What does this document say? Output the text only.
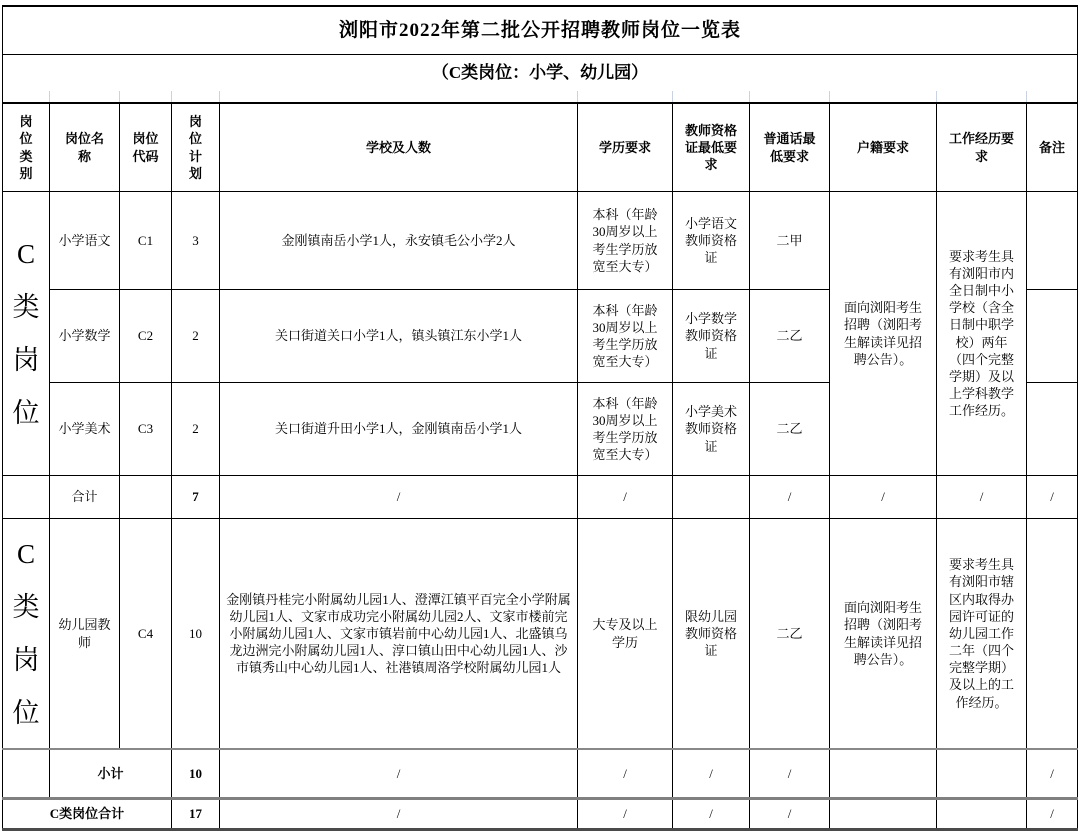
浏阳市2022年第二批公开招聘教师岗位一览表										
（C类岗位：小学、幼儿园）										

岗位类别	岗位名称	岗位代码	岗位计划	学校及人数	学历要求	教师资格证最低要求	普通话最低要求	户籍要求	工作经历要求	备注
C
类
岗
位	小学语文	C1	3	金刚镇南岳小学1人，永安镇毛公小学2人	本科（年龄30周岁以上考生学历放宽至大专）	小学语文教师资格证	二甲	面向浏阳考生招聘（浏阳考生解读详见招聘公告）。	要求考生具有浏阳市内全日制中小学校（含全日制中职学校）两年（四个完整学期）及以上学科教学工作经历。	
	小学数学	C2	2	关口街道关口小学1人，镇头镇江东小学1人	本科（年龄30周岁以上考生学历放宽至大专）	小学数学教师资格证	二乙			
	小学美术	C3	2	关口街道升田小学1人，金刚镇南岳小学1人	本科（年龄30周岁以上考生学历放宽至大专）	小学美术教师资格证	二乙			
	合计		7	/	/		/	/	/	/
C
类
岗
位	幼儿园教师	C4	10	金刚镇丹桂完小附属幼儿园1人、澄潭江镇平百完全小学附属幼儿园1人、文家市成功完小附属幼儿园2人、文家市楼前完小附属幼儿园1人、文家市镇岩前中心幼儿园1人、北盛镇乌龙边洲完小附属幼儿园1人、淳口镇山田中心幼儿园1人、沙市镇秀山中心幼儿园1人、社港镇周洛学校附属幼儿园1人	大专及以上学历	限幼儿园教师资格证	二乙	面向浏阳考生招聘（浏阳考生解读详见招聘公告）。	要求考生具有浏阳市辖区内取得办园许可证的幼儿园工作二年（四个完整学期）及以上的工作经历。	
	小计		10	/	/	/	/			/
C类岗位合计			17	/	/	/	/			/
